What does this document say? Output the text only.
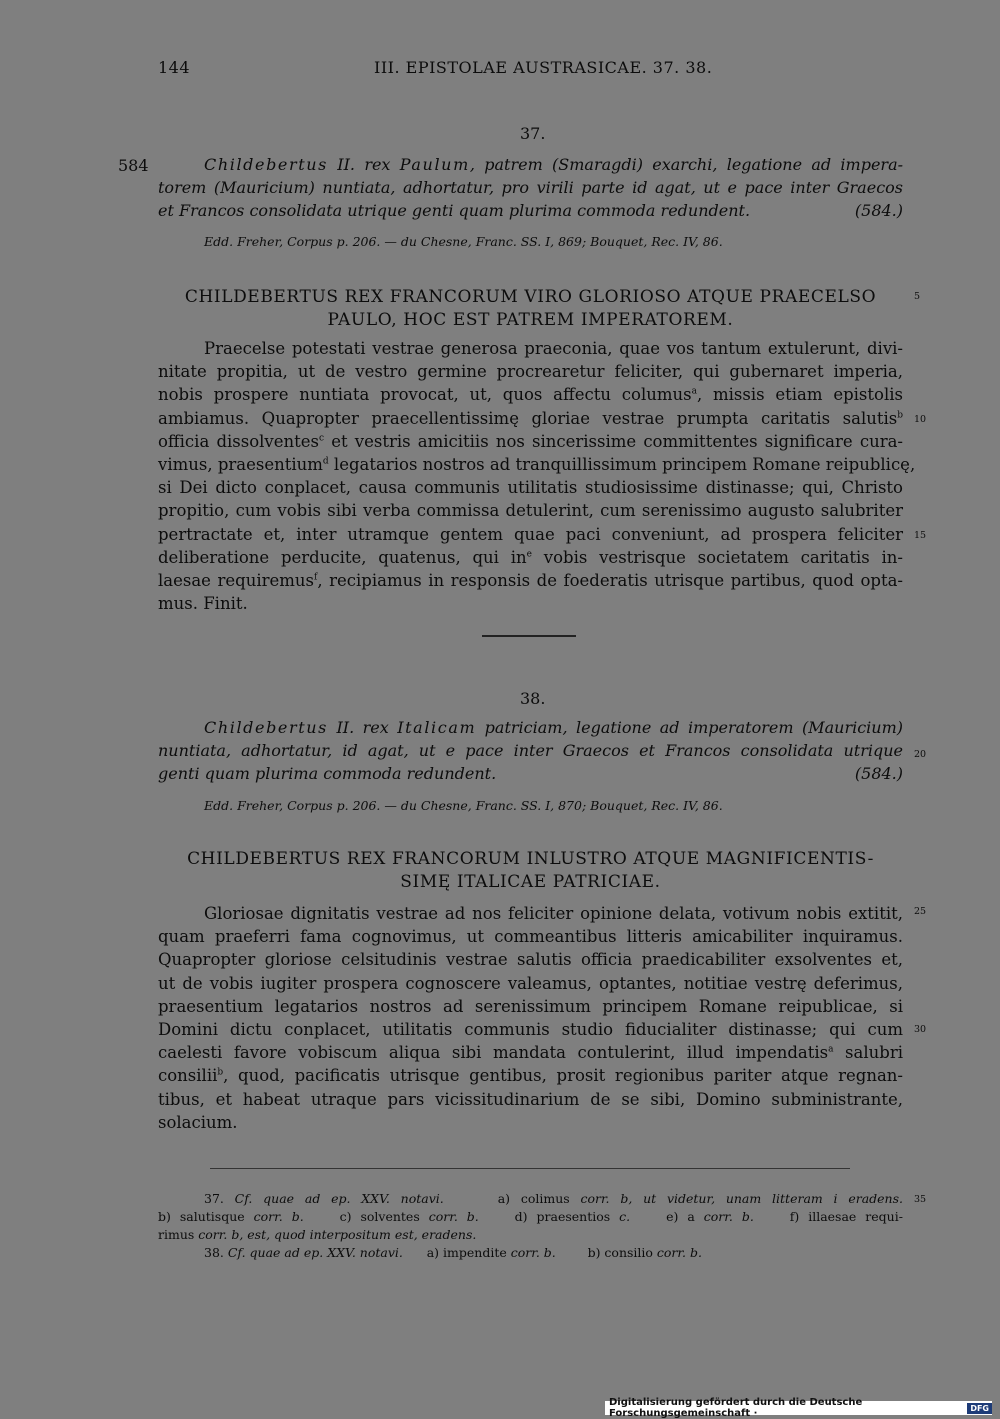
144	III. EPISTOLAE AUSTRASICAE. 37. 38.
37.
584	Childebertus II. rex Paulum, patrem (Smaragdi) exarchi, legatione ad impera-
torem (Mauricium) nuntiata, adhortatur, pro virili parte id agat, ut e pace inter Graecos
et Francos consolidata utrique genti quam plurima commoda redundent.	(584.)
Edd. Freher, Corpus p. 206. — du Chesne, Franc. SS. I, 869; Bouquet, Rec. IV, 86.
CHILDEBERTUS REX FRANCORUM VIRO GLORIOSO ATQUE PRAECELSO
PAULO, HOC EST PATREM IMPERATOREM.
Praecelse potestati vestrae generosa praeconia, quae vos tantum extulerunt, divi-
nitate propitia, ut de vestro germine procrearetur feliciter, qui gubernaret imperia,
nobis prospere nuntiata provocat, ut, quos affectu columus$^a$, missis etiam epistolis
ambiamus. Quapropter praecellentissimę gloriae vestrae prumpta caritatis salutis$^b$
officia dissolventes$^c$ et vestris amicitiis nos sincerissime committentes significare cura-
vimus, praesentium$^d$ legatarios nostros ad tranquillissimum principem Romane reipublicę,
si Dei dicto conplacet, causa communis utilitatis studiosissime distinasse; qui, Christo
propitio, cum vobis sibi verba commissa detulerint, cum serenissimo augusto salubriter
pertractate et, inter utramque gentem quae paci conveniunt, ad prospera feliciter
deliberatione perducite, quatenus, qui $in^e$ vobis vestrisque societatem caritatis in-
laesae requiremus$^f$, recipiamus in responsis de foederatis utrisque partibus, quod opta-
mus. Finit.
38.
Childebertus II. rex Italicam patriciam, legatione ad imperatorem (Mauricium)
nuntiata, adhortatur, id agat, ut e pace inter Graecos et Francos consolidata utrique
genti quam plurima commoda redundent.	(584.)
Edd. Freher, Corpus p. 206. — du Chesne, Franc. SS. I, 870; Bouquet, Rec. IV, 86.
CHILDEBERTUS REX FRANCORUM INLUSTRO ATQUE MAGNIFICENTIS-
SIMĘ ITALICAE PATRICIAE.
Gloriosae dignitatis vestrae ad nos feliciter opinione delata, votivum nobis extitit,
quam praeferri fama cognovimus, ut commeantibus litteris amicabiliter inquiramus.
Quapropter gloriose celsitudinis vestrae salutis officia praedicabiliter exsolventes et,
ut de vobis iugiter prospera cognoscere valeamus, optantes, notitiae vestrę deferimus,
praesentium legatarios nostros ad serenissimum principem Romane reipublicae, si
Domini dictu conplacet, utilitatis communis studio fiducialiter distinasse; qui cum
caelesti favore vobiscum aliqua sibi mandata contulerint, illud impendatis$^a$ salubri
consilii$^b$, quod, pacificatis utrisque gentibus, prosit regionibus pariter atque regnan-
tibus, et habeat utraque pars vicissitudinarium de se sibi, Domino subministrante,
solacium.
5
10
15
20
25
30
35
37. Cf. quae ad ep. XXV. notavi.	a) colimus corr. b, ut videtur, unam litteram i eradens.
b) salutisque corr. b.	c) solventes corr. b.	d) praesentios c.	e) a corr. b.	f) illaesae requi-
rimus corr. b, est, quod interpositum est, eradens.
38. Cf. quae ad ep. XXV. notavi. a) impendite corr. b.	b) consilio corr. b.
Digitalisierung gefördert durch die Deutsche Forschungsgemeinschaft ·	DFG
